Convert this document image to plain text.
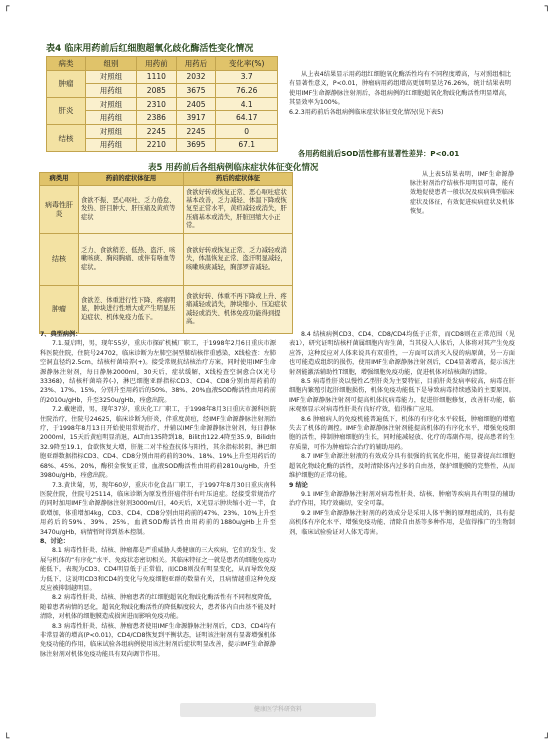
┌	┐
└	┘
表4 临床用药前后红细胞超氧化歧化酶活性变化情况
病类	组别	用药前	用药后	变化率(%)
肿瘤	对照组	1110	2032	3.7
	用药组	2085	3675	76.26
肝炎	对照组	2310	2405	4.1
	用药组	2386	3917	64.17
结核	对照组	2245	2245	0
	用药组	2210	3695	67.1

从上表4结果显示用药组红细胞氧化酶活性均有不同程度增高，与对照组相比有显著性意义，P<0.01，肿瘤病用药组增高更加明显达76.26%，统计结果表明使用IMF生命源静脉注射剂后，各组病例的红细胞超氧化物歧化酶活性明显增高，其显效率为100%。

6.2.3用药前后各组病例临床症状体征变化情况(见下表5)

各用药组前后SOD活性都有显著性差异：P<0.01
表5 用药前后各组病例临床症状体征变化情况
病类用	药前的症状体征用	药后的症状体征
病毒性肝炎	食欲不振、恶心呕吐、乏力倦怠、发热、肝目肿大、肝压痛及黄疸等症状	食欲好转或恢复正常、恶心呕吐症状基本改善，乏力减轻、体温下降或恢复至正常水平，黄疸减轻或消失，肝压痛基本或消失，肝脏回缩大小正常。
结核	乏力、食欲稍差、低热、盗汗、咳嗽咳痰、胸闷胸痛、或伴有咯血等症状。	食欲好转或恢复正常、乏力减轻或消失，体温恢复正常、盗汗明显减轻，咳嗽咳痰减轻，胸部罗音减轻。
肿瘤	食欲差、体重进行性下降、疼痛明显，肿块进行性增大或产生明显压迫症状、机体免疫力低下。	食欲好转、体重不再下降或上升、疼痛减轻或消失，肿块缩小、压迫症状减轻或消失、机体免疫功能得到提高。

从上表5结果表明，IMF生命源静脉注射剂治疗结核作用明显可靠，能有效地促使患者一般状况及疾病典型临床症状及体征，有效促进疾病症状及机体恢复。

7、典型病例：

7.1.聂启明，男，现年55岁，重庆市探矿机械厂职工，于1998年2月6日重庆市源科医院住院，住院号24702，临床诊断为左肺空洞型肺结核伴重感染，X线检查：左肺空洞直径约2.5cm，结核杆菌培养(+)。接受常规抗结核治疗方案，同时使用IMF生命源静脉注射剂，每日静脉2000ml，30天后，症状缓解，X线检查空洞愈合(X光号33368)，结核杆菌培养(-)，淋巴细胞亚群指标CD3、CD4、CD8分别由用药前的23%、17%、15%，分别升至用药后的50%、38%、20%血液SOD酶活性由用药前的2010u/gHb，升至3250u/gHb，痊愈出院。

7.2.戴建滑，男，现年37岁，重庆化工厂职工，于1998年8月3日重庆市源科医院住院治疗，住院号24625，临床诊断为肝炎，伴重度黄疸，经IMF生命源静脉注射剂治疗，于1998年8月13日开始使用常规治疗，并辅以IMF生命源静脉注射剂，每日静脉2000ml，15天后黄疸明显消退，ALT由135降到18，Bilit由122.4降至35.9，Bilid由32.9降至19.1，食欲恢复大增，肝脏二对半检查抗体与阳性，其余指标转阴，淋巴细胞亚群数据指标CD3、CD4、CD8分别由用药前的30%、18%、19%上升至用药后的68%、45%、20%，酶积金恢复正常，血液SOD酶活性由用药前2810u/gHb，升至3980u/gHb，痊愈出院。

7.3.黄世菊，男，现年60岁，重庆市化食品厂职工，于1997年8月30日重庆南科医院住院，住院号25114，临床诊断为原发性肝癌伴肝右叶压迫症。经接受常规治疗的同时加用IMF生命源静脉注射剂3000ml/日，40天后，X光显示肿块缩小近一半，食欲增加，体重增加4kg，CD3、CD4、CD8分别由用药前的47%、23%、10%上升至用药后的59%、39%、25%，血液SOD酶活性由用药前的1880u/gHb上升至3470u/gHb，病情暂时得到基本控制。

8、讨论：

8.1 病毒性肝炎、结核、肿瘤都是严重威胁人类健康的三大疾病，它们的发生、发展与机体的“有序化”水平、免疫状态密切相关。其临床特征之一就是患者的细胞免疫功能低下，表现为CD3、CD4明显低于正常值，而CD8则没有明显变化，从而导致免疫力低下，这说明CD3和CD4的变化与免疫细胞亚群的数量有关，且病情越重这种免疫反应被抑制越明显。

8.2 病毒性肝炎、结核、肿瘤患者的红细胞超氧化物歧化酶活性有不同程度降低，随着患者病情的恶化，超氧化物歧化酶活性的降低幅度较大，患者体内自由基不能及时清除，对机体的细胞膜造成损害进而影响免疫功能。

8.3 病毒性肝炎、结核、肿瘤患者使用IMF生命源静脉注射剂后，CD3、CD4均有非常显著的增高(P<0.01)，CD4/CD8恢复到平衡状态，证明该注射剂有显著增强机体免疫功能的作用，临床试验各组病例使用该注射剂后症状明显改善，提示IMF生命源静脉注射剂对机体免疫功能具有双向调节作用。

8.4 结核病例CD3、CD4、CD8/CD4均低于正常，而CD8则在正常范围（见表1），研究证明结核杆菌属细胞内寄生菌，当其侵入人体后，人体将对其产生免疫应答，这种反应对人体来说具有双重性，一方面可以消灭入侵的病原菌，另一方面也可能造成组织的损伤，使用IMF生命源静脉注射剂后，CD4显著增高，提示该注射剂能激活辅助性T细胞，增强细胞免疫功能，促进机体对结核菌的清除。

8.5 病毒性肝炎以慢性乙型肝炎为主要特征，目前肝炎发病率较高，病毒在肝细胞内繁殖引起肝细胞损伤，机体免疫功能低下是导致病毒持续感染的主要原因。IMF生命源静脉注射剂可提高机体抗病毒能力，促进肝细胞修复，改善肝功能，临床观察显示对病毒性肝炎有良好疗效，值得推广应用。

8.6 肿瘤病人的免疫机能普遍低下，机体的有序化水平较低，肿瘤细胞的增殖失去了机体的调控。IMF生命源静脉注射剂能提高机体的有序化水平，增强免疫细胞的活性，抑制肿瘤细胞的生长，同时能减轻放、化疗的毒副作用，提高患者的生存质量，可作为肿瘤综合治疗的辅助用药。

8.7 IMF生命源注射液的有效成分具有很强的抗氧化作用，能显著提高红细胞超氧化物歧化酶的活性，及时清除体内过多的自由基，保护细胞膜的完整性，从而维护细胞的正常功能。

9 结论

9.1 IMF生命源静脉注射剂对病毒性肝炎、结核、肿瘤等疾病具有明显的辅助治疗作用，其疗效确切，安全可靠。

9.2 IMF生命源静脉注射剂的药效成分是采用人体平衡的原理组成的，具有提高机体有序化水平、增强免疫功能、清除自由基等多种作用，是值得推广的生物制剂，临床试验验证对人体无毒害。

健康医学科研资料
